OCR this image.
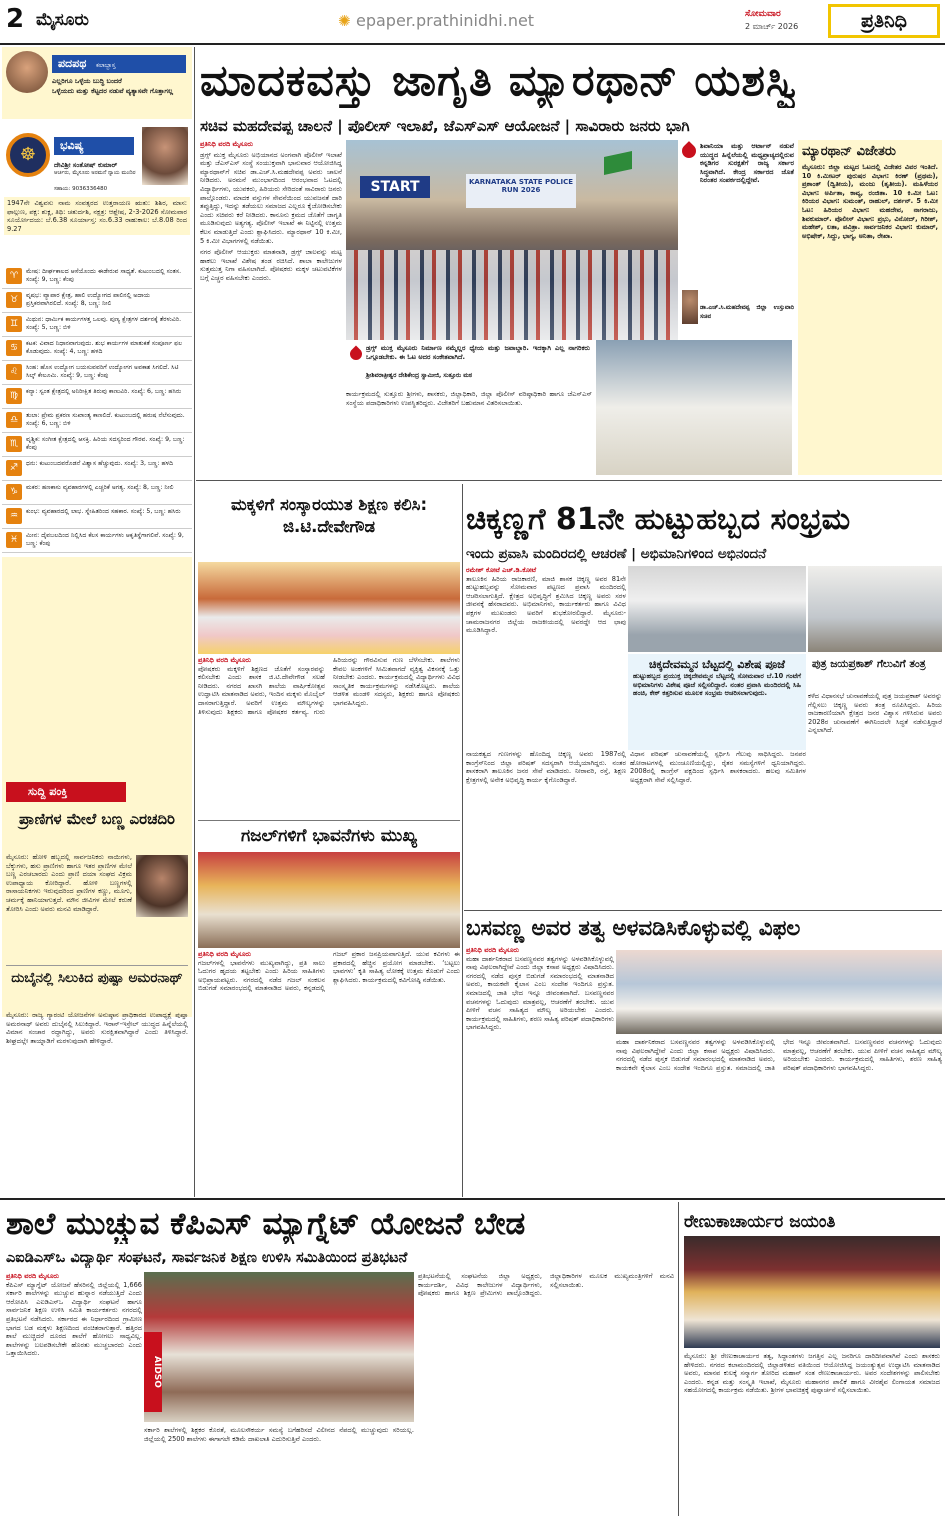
2 ಮೈಸೂರು	✺ epaper.prathinidhi.net	ಸೋಮವಾರ
2 ಮಾರ್ಚ್ 2026	ಪ್ರತಿನಿಧಿ
ಪದಪಥ ಕಲಾಬ್ಬಾಸ್ತ
ಎಲ್ಲರಿಗೂ ಒಳ್ಳೆಯ ಬುದ್ಧಿ ಬಂದರೆ
ಒಳ್ಳೆಯದು ಮತ್ತು ಕೆಟ್ಟದರ ನಡುವೆ ವ್ಯತ್ಯಾಸವೇ ಗೊತ್ತಾಗಲ್ಲ
☸	ಭವಿಷ್ಯ
ದೇವಿಶ್ರೀ ಸಂತೋಷ್ ಕುಮಾರ್
ಆರ್ಚರು, ಮೈಸೂರು ಅರಮನೆ ನ್ಯಾಯ ಮಂದಿರ
ಸಹಾಯ: 9036336480
1947ನೇ ವಿಶ್ವವಸು ನಾಮ ಸಂವತ್ಸರದ ಉತ್ತರಾಯಣ ಋತು: ಶಿಶಿರ, ಮಾಸ: ಫಾಲ್ಗುಣ, ಪಕ್ಷ: ಶುಕ್ಲ, ತಿಥಿ: ಚತುರ್ದಶಿ, ನಕ್ಷತ್ರ: ಆಶ್ಲೇಷ, 2-3-2026 ಸೋಮವಾರ ಸೂರ್ಯೋದಯ: ಬೆ.6.38 ಸೂರ್ಯಾಸ್ತ: ಸಂ.6.33 ರಾಹುಕಾಲ: ಬೆ.8.08 ರಿಂದ 9.27
♈	ಮೇಷ: ದೀರ್ಘಕಾಲದ ಆಸೆಯೊಂದು ಈಡೇರುವ ಸಾಧ್ಯತೆ. ಕುಟುಂಬದಲ್ಲಿ ಸಂತಸ. ಸಂಖ್ಯೆ: 9, ಬಣ್ಣ: ಕೆಂಪು
♉	ವೃಷಭ: ವ್ಯಾಪಾರ ಕ್ಷೇತ್ರ, ಹಾಲಿ ಉದ್ಯೋಗದ ಪಾಲಿನಲ್ಲಿ ಅದಾಯ ಪ್ರಸ್ತಿಕರವಾಗಿರಲಿದೆ. ಸಂಖ್ಯೆ: 8, ಬಣ್ಣ: ನೀಲಿ
♊	ಮಿಥುನ: ಧಾರ್ಮಿಕ ಕಾರ್ಯಗಳತ್ತ ಒಲವು. ಪುಣ್ಯ ಕ್ಷೇತ್ರಗಳ ದರ್ಶನಕ್ಕೆ ತೆರಳುವಿರಿ. ಸಂಖ್ಯೆ: 5, ಬಣ್ಣ: ಬಿಳಿ
♋	ಕಟಕ: ವಿವಾದ ನಿಧಾನವಾಗುವುದು. ಶುಭ ಕಾರ್ಯಗಳ ಮಾತುಕತೆ ಸಂಪೂರ್ಣ ಫಲ ಕೊಡುವುದು. ಸಂಖ್ಯೆ: 4, ಬಣ್ಣ: ಹಳದಿ
♌	ಸಿಂಹ: ಹೊಸ ಉದ್ಯೋಗ ಬಯಸುವವರಿಗೆ ಉದ್ಯೋಗಗ ಅವಕಾಶ ಸಿಗಲಿದೆ. ಸಿಟಿ ಸಿಲ್ಕ್ ಕೇಲೂಮಿ. ಸಂಖ್ಯೆ: 9, ಬಣ್ಣ: ಕೆಂಪು
♍	ಕನ್ಯಾ: ಸ್ವಂತ ಕ್ಷೇತ್ರದಲ್ಲಿ ಅನಿರೀಕ್ಷಿತ ತಿರುವು ಕಾಣುವಿರಿ. ಸಂಖ್ಯೆ: 6, ಬಣ್ಣ: ಹಸಿರು
♎	ತುಲಾ: ಪ್ರೇಮ ಪ್ರಕರಣ ಸುಖಾಂತ್ಯ ಕಾಣಲಿದೆ. ಕುಟುಂಬದಲ್ಲಿ ಹರುಷ ನೆಲೆಸುವುದು. ಸಂಖ್ಯೆ: 6, ಬಣ್ಣ: ಬಿಳಿ
♏	ವೃಶ್ಚಿಕ: ಸಂಗೀತ ಕ್ಷೇತ್ರದಲ್ಲಿ ಆಸಕ್ತಿ. ಹಿರಿಯ ಸದಸ್ಯರಿಂದ ಗೌರವ. ಸಂಖ್ಯೆ: 9, ಬಣ್ಣ: ಕೆಂಪು
♐	ಧನು: ಕುಟುಂಬದವರೊಡನೆ ವಿಶ್ವಾಸ ಹೆಚ್ಚುವುದು. ಸಂಖ್ಯೆ: 3, ಬಣ್ಣ: ಹಳದಿ
♑	ಮಕರ: ಹಣಕಾಸು ವ್ಯವಹಾರಗಳಲ್ಲಿ ಎಚ್ಚರಿಕೆ ಅಗತ್ಯ. ಸಂಖ್ಯೆ: 8, ಬಣ್ಣ: ನೀಲಿ
♒	ಕುಂಭ: ವ್ಯವಹಾರದಲ್ಲಿ ಲಾಭ. ಸ್ನೇಹಿತರಿಂದ ಸಹಕಾರ. ಸಂಖ್ಯೆ: 5, ಬಣ್ಣ: ಹಸಿರು
♓	ಮೀನ: ದೈವಬಲದಿಂದ ನಿಲ್ಲಿಸಿದ ಕೆಲಸ ಕಾರ್ಯಗಳು ಆಕೃತಿಸ್ಥೆಗಾಗಲಿವೆ. ಸಂಖ್ಯೆ: 9, ಬಣ್ಣ: ಕೆಂಪು
ಸುದ್ದಿ ಪಂಕ್ತಿ
ಪ್ರಾಣಿಗಳ ಮೇಲೆ ಬಣ್ಣ ಎರಚದಿರಿ
ಮೈಸೂರು: ಹೋಳಿ ಹಬ್ಬದಲ್ಲಿ ಸಾರ್ವಜನಿಕರು ನಾಯಿಗಳು, ಬೆಕ್ಕುಗಳು, ಹಸು ಪ್ರಾಣಿಗಳು ಹಾಗೂ ಇತರ ಪ್ರಾಣಿಗಳ ಮೇಲೆ ಬಣ್ಣ ಎರಚಬಾರದು ಎಂದು ಪ್ರಾಣಿ ದಯಾ ಸಂಘದ ವಿಕ್ರಮ ಉಪಾಧ್ಯಾಯ ಕೋರಿದ್ದಾರೆ. ಹೋಳಿ ಬಣ್ಣಗಳಲ್ಲಿ ರಾಸಾಯನಿಕಗಳು ಇರುವುದರಿಂದ ಪ್ರಾಣಿಗಳ ಕಣ್ಣು, ಮೂಗು, ಚರ್ಮಕ್ಕೆ ಹಾನಿಯಾಗುತ್ತದೆ. ಮೌನ ಜೀವಿಗಳ ಮೇಲೆ ಕರುಣೆ ತೋರಿಸಿ ಎಂದು ಅವರು ಮನವಿ ಮಾಡಿದ್ದಾರೆ.
ದುಬೈನಲ್ಲಿ ಸಿಲುಕಿದ ಪುಷ್ಪಾ ಅಮರನಾಥ್
ಮೈಸೂರು: ರಾಜ್ಯ ಗ್ಯಾರಂಟಿ ಯೋಜನೆಗಳ ಅನುಷ್ಠಾನ ಪ್ರಾಧಿಕಾರದ ಉಪಾಧ್ಯಕ್ಷೆ ಪುಷ್ಪಾ ಅಮರನಾಥ್ ಅವರು ದುಬೈನಲ್ಲಿ ಸಿಲುಕಿದ್ದಾರೆ. ಇರಾನ್-ಇಸ್ರೇಲ್ ಯುದ್ಧದ ಹಿನ್ನೆಲೆಯಲ್ಲಿ ವಿಮಾನ ಸಂಚಾರ ರದ್ದಾಗಿದ್ದು, ಅವರು ಸುರಕ್ಷಿತವಾಗಿದ್ದಾರೆ ಎಂದು ತಿಳಿಸಿದ್ದಾರೆ. ಶೀಘ್ರದಲ್ಲೇ ತಾಯ್ನಾಡಿಗೆ ಮರಳುವುದಾಗಿ ಹೇಳಿದ್ದಾರೆ.
ಮಾದಕವಸ್ತು ಜಾಗೃತಿ ಮ್ಯಾರಥಾನ್ ಯಶಸ್ವಿ
ಸಚಿವ ಮಹದೇವಪ್ಪ ಚಾಲನೆ | ಪೊಲೀಸ್ ಇಲಾಖೆ, ಜೆಎಸ್‌ಎಸ್ ಆಯೋಜನೆ | ಸಾವಿರಾರು ಜನರು ಭಾಗಿ
ಪ್ರತಿನಿಧಿ ವರದಿ ಮೈಸೂರು
ಡ್ರಗ್ಸ್ ಮುಕ್ತ ಮೈಸೂರು ಅಭಿಯಾನದ ಅಂಗವಾಗಿ ಪೊಲೀಸ್ ಇಲಾಖೆ ಮತ್ತು ಜೆಎಸ್‌ಎಸ್ ಸಂಸ್ಥೆ ಸಂಯುಕ್ತವಾಗಿ ಭಾನುವಾರ ಆಯೋಜಿಸಿದ್ದ ಮ್ಯಾರಥಾನ್‌ಗೆ ಸಚಿವ ಡಾ.ಎಚ್.ಸಿ.ಮಹದೇವಪ್ಪ ಅವರು ಚಾಲನೆ ನೀಡಿದರು. ಅರಮನೆ ಮುಂಭಾಗದಿಂದ ಆರಂಭವಾದ ಓಟದಲ್ಲಿ ವಿದ್ಯಾರ್ಥಿಗಳು, ಯುವಕರು, ಹಿರಿಯರು ಸೇರಿದಂತೆ ಸಾವಿರಾರು ಜನರು ಪಾಲ್ಗೊಂಡರು. ಮಾದಕ ವಸ್ತುಗಳ ಸೇವನೆಯಿಂದ ಯುವಜನತೆ ದಾರಿ ತಪ್ಪುತ್ತಿದ್ದು, ಇದನ್ನು ತಡೆಯಲು ಸಮಾಜದ ಎಲ್ಲರೂ ಕೈಜೋಡಿಸಬೇಕು ಎಂದು ಸಚಿವರು ಕರೆ ನೀಡಿದರು. ಕಾನೂನು ಕ್ರಮದ ಜೊತೆಗೆ ಜಾಗೃತಿ ಮೂಡಿಸುವುದು ಅತ್ಯಗತ್ಯ. ಪೊಲೀಸ್ ಇಲಾಖೆ ಈ ನಿಟ್ಟಿನಲ್ಲಿ ಉತ್ತಮ ಕೆಲಸ ಮಾಡುತ್ತಿದೆ ಎಂದು ಶ್ಲಾಘಿಸಿದರು. ಮ್ಯಾರಥಾನ್ 10 ಕಿ.ಮೀ, 5 ಕಿ.ಮೀ ವಿಭಾಗಗಳಲ್ಲಿ ನಡೆಯಿತು.
ನಗರ ಪೊಲೀಸ್ ಆಯುಕ್ತರು ಮಾತನಾಡಿ, ಡ್ರಗ್ಸ್ ಜಾಲವನ್ನು ಮಟ್ಟ ಹಾಕಲು ಇಲಾಖೆ ವಿಶೇಷ ತಂಡ ರಚಿಸಿದೆ. ಶಾಲಾ ಕಾಲೇಜುಗಳ ಸುತ್ತಮುತ್ತ ನಿಗಾ ವಹಿಸಲಾಗಿದೆ. ಪೋಷಕರು ಮಕ್ಕಳ ಚಟುವಟಿಕೆಗಳ ಬಗ್ಗೆ ಎಚ್ಚರ ವಹಿಸಬೇಕು ಎಂದರು.
START	KARNATAKA STATE POLICE RUN 2026
ಶಿವಾನಿಯಾ ಮತ್ತು ಆರ್ಟಾನ್ ನಡುವೆ ಯುದ್ಧದ ಹಿನ್ನೆಲೆಯಲ್ಲಿ ಮಧ್ಯಪ್ರಾಚ್ಯದಲ್ಲಿರುವ ಕನ್ನಡಿಗರ ಸುರಕ್ಷತೆಗೆ ರಾಜ್ಯ ಸರ್ಕಾರ ಸಿದ್ಧವಾಗಿದೆ. ಕೇಂದ್ರ ಸರ್ಕಾರದ ಜೊತೆ ನಿರಂತರ ಸಂಪರ್ಕದಲ್ಲಿದ್ದೇವೆ.
ಡಾ.ಎಚ್.ಸಿ.ಮಹದೇವಪ್ಪ ಜಿಲ್ಲಾ ಉಸ್ತುವಾರಿ ಸಚಿವ
ಡ್ರಗ್ಸ್ ಮುಕ್ತ ಮೈಸೂರು ನಿರ್ಮಾಣ ನಮ್ಮೆಲ್ಲರ ಧ್ಯೇಯ ಮತ್ತು ಜವಾಬ್ದಾರಿ. ಇದಕ್ಕಾಗಿ ಎಲ್ಲ ನಾಗರಿಕರು ಒಗ್ಗೂಡಬೇಕು. ಈ ಓಟ ಅದರ ಸಂಕೇತವಾಗಿದೆ.
ಶ್ರೀಶಿವರಾತ್ರೀಶ್ವರ ದೇಶಿಕೇಂದ್ರ ಸ್ವಾಮೀಜಿ, ಸುತ್ತೂರು ಮಠ
ಕಾರ್ಯಕ್ರಮದಲ್ಲಿ ಸುತ್ತೂರು ಶ್ರೀಗಳು, ಶಾಸಕರು, ಜಿಲ್ಲಾಧಿಕಾರಿ, ಜಿಲ್ಲಾ ಪೊಲೀಸ್ ವರಿಷ್ಠಾಧಿಕಾರಿ ಹಾಗೂ ಜೆಎಸ್‌ಎಸ್ ಸಂಸ್ಥೆಯ ಪದಾಧಿಕಾರಿಗಳು ಉಪಸ್ಥಿತರಿದ್ದರು. ವಿಜೇತರಿಗೆ ಬಹುಮಾನ ವಿತರಿಸಲಾಯಿತು.
ಮ್ಯಾರಥಾನ್ ವಿಜೇತರು
ಮೈಸೂರು: ಜಿಲ್ಲಾ ಮಟ್ಟದ ಓಟದಲ್ಲಿ ವಿಜೇತರ ವಿವರ ಇಂತಿದೆ. 10 ಕಿ.ಮೀಟರ್ ಪುರುಷರ ವಿಭಾಗ: ಕಿರಣ್ (ಪ್ರಥಮ), ಪ್ರಶಾಂತ್ (ದ್ವಿತೀಯ), ಮಂಜು (ತೃತೀಯ). ಮಹಿಳೆಯರ ವಿಭಾಗ: ಅರ್ಪಿತಾ, ಕಾವ್ಯ, ರಂಜಿತಾ. 10 ಕಿ.ಮೀ ಓಟ: ಕಿರಿಯರ ವಿಭಾಗ: ಸುಮಂತ್, ರಾಹುಲ್, ದರ್ಶನ್. 5 ಕಿ.ಮೀ ಓಟ: ಹಿರಿಯರ ವಿಭಾಗ: ಮಹದೇವ, ನಾಗರಾಜು, ಶಿವಕುಮಾರ್. ಪೊಲೀಸ್ ವಿಭಾಗ: ಪ್ರಭು, ವಿನೋದ್, ಗಿರೀಶ್, ಮಹೇಶ್, ಲತಾ, ಪವಿತ್ರಾ. ಸಾರ್ವಜನಿಕರ ವಿಭಾಗ: ಕುಮಾರ್, ಅಭಿಷೇಕ್, ಸಿದ್ದು, ಭಾಗ್ಯ, ಅನಿತಾ, ರೇಖಾ.
ಮಕ್ಕಳಿಗೆ ಸಂಸ್ಕಾರಯುತ ಶಿಕ್ಷಣ ಕಲಿಸಿ: ಜಿ.ಟಿ.ದೇವೇಗೌಡ
ಪ್ರತಿನಿಧಿ ವರದಿ ಮೈಸೂರು
ಪೋಷಕರು ಮಕ್ಕಳಿಗೆ ಶಿಕ್ಷಣದ ಜೊತೆಗೆ ಸಂಸ್ಕಾರವನ್ನು ಕಲಿಸಬೇಕು ಎಂದು ಶಾಸಕ ಜಿ.ಟಿ.ದೇವೇಗೌಡ ಸಲಹೆ ನೀಡಿದರು. ನಗರದ ಖಾಸಗಿ ಶಾಲೆಯ ವಾರ್ಷಿಕೋತ್ಸವ ಉದ್ಘಾಟಿಸಿ ಮಾತನಾಡಿದ ಅವರು, ಇಂದಿನ ಮಕ್ಕಳು ಮೊಬೈಲ್ ದಾಸರಾಗುತ್ತಿದ್ದಾರೆ. ಅವರಿಗೆ ಉತ್ತಮ ಮೌಲ್ಯಗಳನ್ನು ತಿಳಿಸುವುದು ಶಿಕ್ಷಕರು ಹಾಗೂ ಪೋಷಕರ ಕರ್ತವ್ಯ. ಗುರು ಹಿರಿಯರನ್ನು ಗೌರವಿಸುವ ಗುಣ ಬೆಳೆಸಬೇಕು. ಶಾಲೆಗಳು ಕೇವಲ ಅಂಕಗಳಿಗೆ ಸೀಮಿತವಾಗದೆ ವ್ಯಕ್ತಿತ್ವ ವಿಕಸನಕ್ಕೆ ಒತ್ತು ನೀಡಬೇಕು ಎಂದರು. ಕಾರ್ಯಕ್ರಮದಲ್ಲಿ ವಿದ್ಯಾರ್ಥಿಗಳು ವಿವಿಧ ಸಾಂಸ್ಕೃತಿಕ ಕಾರ್ಯಕ್ರಮಗಳನ್ನು ನಡೆಸಿಕೊಟ್ಟರು. ಶಾಲೆಯ ಆಡಳಿತ ಮಂಡಳಿ ಸದಸ್ಯರು, ಶಿಕ್ಷಕರು ಹಾಗೂ ಪೋಷಕರು ಭಾಗವಹಿಸಿದ್ದರು.
ಗಜಲ್‌ಗಳಿಗೆ ಭಾವನೆಗಳು ಮುಖ್ಯ
ಪ್ರತಿನಿಧಿ ವರದಿ ಮೈಸೂರು
ಗಜಲ್‌ಗಳಲ್ಲಿ ಭಾವನೆಗಳು ಮುಖ್ಯವಾಗಿದ್ದು, ಪ್ರತಿ ಸಾಲು ಓದುಗರ ಹೃದಯ ತಟ್ಟಬೇಕು ಎಂದು ಹಿರಿಯ ಸಾಹಿತಿಗಳು ಅಭಿಪ್ರಾಯಪಟ್ಟರು. ನಗರದಲ್ಲಿ ನಡೆದ ಗಜಲ್ ಸಂಕಲನ ಬಿಡುಗಡೆ ಸಮಾರಂಭದಲ್ಲಿ ಮಾತನಾಡಿದ ಅವರು, ಕನ್ನಡದಲ್ಲಿ ಗಜಲ್ ಪ್ರಕಾರ ಜನಪ್ರಿಯವಾಗುತ್ತಿದೆ. ಯುವ ಕವಿಗಳು ಈ ಪ್ರಕಾರದಲ್ಲಿ ಹೆಚ್ಚಿನ ಪ್ರಯೋಗ ಮಾಡಬೇಕು. ‘ಬಟ್ಟಲು ಭಾವಗಳು’ ಕೃತಿ ಸಾಹಿತ್ಯ ಲೋಕಕ್ಕೆ ಉತ್ತಮ ಕೊಡುಗೆ ಎಂದು ಶ್ಲಾಘಿಸಿದರು. ಕಾರ್ಯಕ್ರಮದಲ್ಲಿ ಕವಿಗೋಷ್ಠಿ ನಡೆಯಿತು.
ಚಿಕ್ಕಣ್ಣಗೆ 81ನೇ ಹುಟ್ಟುಹಬ್ಬದ ಸಂಭ್ರಮ
ಇಂದು ಪ್ರವಾಸಿ ಮಂದಿರದಲ್ಲಿ ಆಚರಣೆ | ಅಭಿಮಾನಿಗಳಿಂದ ಅಭಿನಂದನೆ
ರಮೇಶ್ ಕೋಟೆ ಎಚ್.ಡಿ.ಕೋಟೆ
ತಾಲೂಕಿನ ಹಿರಿಯ ರಾಜಕಾರಣಿ, ಮಾಜಿ ಶಾಸಕ ಚಿಕ್ಕಣ್ಣ ಅವರ 81ನೇ ಹುಟ್ಟುಹಬ್ಬವನ್ನು ಸೋಮವಾರ ಪಟ್ಟಣದ ಪ್ರವಾಸಿ ಮಂದಿರದಲ್ಲಿ ಆಚರಿಸಲಾಗುತ್ತಿದೆ. ಕ್ಷೇತ್ರದ ಅಭಿವೃದ್ಧಿಗೆ ಶ್ರಮಿಸಿದ ಚಿಕ್ಕಣ್ಣ ಅವರು ಸರಳ ಜೀವನಕ್ಕೆ ಹೆಸರಾದವರು. ಅಭಿಮಾನಿಗಳು, ಕಾರ್ಯಕರ್ತರು ಹಾಗೂ ವಿವಿಧ ಪಕ್ಷಗಳ ಮುಖಂಡರು ಅವರಿಗೆ ಶುಭಕೋರಲಿದ್ದಾರೆ. ಮೈಸೂರು-ಚಾಮರಾಜನಗರ ಜಿಲ್ಲೆಯ ರಾಜಕೀಯದಲ್ಲಿ ಅವರದ್ದೇ ಆದ ಛಾಪು ಮೂಡಿಸಿದ್ದಾರೆ.
ಚಿಕ್ಕದೇವಮ್ಮನ ಬೆಟ್ಟದಲ್ಲಿ ವಿಶೇಷ ಪೂಜೆ
ಹುಟ್ಟುಹಬ್ಬದ ಪ್ರಯುಕ್ತ ಚಿಕ್ಕದೇವಮ್ಮನ ಬೆಟ್ಟದಲ್ಲಿ ಸೋಮವಾರ ಬೆ.10 ಗಂಟೆಗೆ ಅಭಿಮಾನಿಗಳು ವಿಶೇಷ ಪೂಜೆ ಸಲ್ಲಿಸಲಿದ್ದಾರೆ. ನಂತರ ಪ್ರವಾಸಿ ಮಂದಿರದಲ್ಲಿ ಸಿಹಿ ಹಂಚಿ, ಕೇಕ್ ಕತ್ತರಿಸುವ ಮೂಲಕ ಸಂಭ್ರಮ ಆಚರಿಸಲಾಗುವುದು.
ಪುತ್ರ ಜಯಪ್ರಕಾಶ್ ಗೆಲುವಿಗೆ ತಂತ್ರ
ನಾಯಕತ್ವದ ಗುಣಗಳನ್ನು ಹೊಂದಿದ್ದ ಚಿಕ್ಕಣ್ಣ ಅವರು 1987ರಲ್ಲಿ ಕಾಂಗ್ರೆಸ್‌ನಿಂದ ಜಿಲ್ಲಾ ಪರಿಷತ್ ಸದಸ್ಯರಾಗಿ ಆಯ್ಕೆಯಾಗಿದ್ದರು. ನಂತರ ಶಾಸಕರಾಗಿ ತಾಲೂಕಿನ ಜನರ ಸೇವೆ ಮಾಡಿದರು. ನೀರಾವರಿ, ರಸ್ತೆ, ಶಿಕ್ಷಣ ಕ್ಷೇತ್ರಗಳಲ್ಲಿ ಅನೇಕ ಅಭಿವೃದ್ಧಿ ಕಾರ್ಯ ಕೈಗೊಂಡಿದ್ದಾರೆ.
ವಿಧಾನ ಪರಿಷತ್ ಚುನಾವಣೆಯಲ್ಲಿ ಸ್ಪರ್ಧಿಸಿ ಗೆಲುವು ಸಾಧಿಸಿದ್ದರು. ಜನಪರ ಹೋರಾಟಗಳಲ್ಲಿ ಮುಂಚೂಣಿಯಲ್ಲಿದ್ದು, ರೈತರ ಸಮಸ್ಯೆಗಳಿಗೆ ಧ್ವನಿಯಾಗಿದ್ದರು. 2008ರಲ್ಲಿ ಕಾಂಗ್ರೆಸ್ ಪಕ್ಷದಿಂದ ಸ್ಪರ್ಧಿಸಿ ಶಾಸಕರಾದರು. ಹಲವು ಸಮಿತಿಗಳ ಅಧ್ಯಕ್ಷರಾಗಿ ಸೇವೆ ಸಲ್ಲಿಸಿದ್ದಾರೆ.
ಕಳೆದ ವಿಧಾನಸಭೆ ಚುನಾವಣೆಯಲ್ಲಿ ಪುತ್ರ ಜಯಪ್ರಕಾಶ್ ಅವರನ್ನು ಗೆಲ್ಲಿಸಲು ಚಿಕ್ಕಣ್ಣ ಅವರು ತಂತ್ರ ರೂಪಿಸಿದ್ದರು. ಹಿರಿಯ ರಾಜಕಾರಣಿಯಾಗಿ ಕ್ಷೇತ್ರದ ಜನರ ವಿಶ್ವಾಸ ಗಳಿಸಿರುವ ಅವರು 2028ರ ಚುನಾವಣೆಗೆ ಈಗಿನಿಂದಲೇ ಸಿದ್ಧತೆ ನಡೆಸುತ್ತಿದ್ದಾರೆ ಎನ್ನಲಾಗಿದೆ.
ಬಸವಣ್ಣ ಅವರ ತತ್ವ ಅಳವಡಿಸಿಕೊಳ್ಳುವಲ್ಲಿ ವಿಫಲ
ಪ್ರತಿನಿಧಿ ವರದಿ ಮೈಸೂರು
ಮಹಾ ದಾರ್ಶನಿಕರಾದ ಬಸವಣ್ಣನವರ ತತ್ವಗಳನ್ನು ಅಳವಡಿಸಿಕೊಳ್ಳುವಲ್ಲಿ ನಾವು ವಿಫಲರಾಗಿದ್ದೇವೆ ಎಂದು ಜಿಲ್ಲಾ ಕಸಾಪ ಅಧ್ಯಕ್ಷರು ವಿಷಾದಿಸಿದರು. ನಗರದಲ್ಲಿ ನಡೆದ ಪುಸ್ತಕ ಬಿಡುಗಡೆ ಸಮಾರಂಭದಲ್ಲಿ ಮಾತನಾಡಿದ ಅವರು, ಕಾಯಕವೇ ಕೈಲಾಸ ಎಂಬ ಸಂದೇಶ ಇಂದಿಗೂ ಪ್ರಸ್ತುತ. ಸಮಾಜದಲ್ಲಿ ಜಾತಿ ಭೇದ ಇನ್ನೂ ಜೀವಂತವಾಗಿದೆ. ಬಸವಣ್ಣನವರ ವಚನಗಳನ್ನು ಓದುವುದು ಮಾತ್ರವಲ್ಲ, ಆಚರಣೆಗೆ ತರಬೇಕು. ಯುವ ಪೀಳಿಗೆ ವಚನ ಸಾಹಿತ್ಯದ ಮೌಲ್ಯ ಅರಿಯಬೇಕು ಎಂದರು. ಕಾರ್ಯಕ್ರಮದಲ್ಲಿ ಸಾಹಿತಿಗಳು, ಶರಣ ಸಾಹಿತ್ಯ ಪರಿಷತ್ ಪದಾಧಿಕಾರಿಗಳು ಭಾಗವಹಿಸಿದ್ದರು.
ಮಹಾ ದಾರ್ಶನಿಕರಾದ ಬಸವಣ್ಣನವರ ತತ್ವಗಳನ್ನು ಅಳವಡಿಸಿಕೊಳ್ಳುವಲ್ಲಿ ನಾವು ವಿಫಲರಾಗಿದ್ದೇವೆ ಎಂದು ಜಿಲ್ಲಾ ಕಸಾಪ ಅಧ್ಯಕ್ಷರು ವಿಷಾದಿಸಿದರು. ನಗರದಲ್ಲಿ ನಡೆದ ಪುಸ್ತಕ ಬಿಡುಗಡೆ ಸಮಾರಂಭದಲ್ಲಿ ಮಾತನಾಡಿದ ಅವರು, ಕಾಯಕವೇ ಕೈಲಾಸ ಎಂಬ ಸಂದೇಶ ಇಂದಿಗೂ ಪ್ರಸ್ತುತ. ಸಮಾಜದಲ್ಲಿ ಜಾತಿ ಭೇದ ಇನ್ನೂ ಜೀವಂತವಾಗಿದೆ. ಬಸವಣ್ಣನವರ ವಚನಗಳನ್ನು ಓದುವುದು ಮಾತ್ರವಲ್ಲ, ಆಚರಣೆಗೆ ತರಬೇಕು. ಯುವ ಪೀಳಿಗೆ ವಚನ ಸಾಹಿತ್ಯದ ಮೌಲ್ಯ ಅರಿಯಬೇಕು ಎಂದರು. ಕಾರ್ಯಕ್ರಮದಲ್ಲಿ ಸಾಹಿತಿಗಳು, ಶರಣ ಸಾಹಿತ್ಯ ಪರಿಷತ್ ಪದಾಧಿಕಾರಿಗಳು ಭಾಗವಹಿಸಿದ್ದರು.
ಶಾಲೆ ಮುಚ್ಚುವ ಕೆಪಿಎಸ್ ಮ್ಯಾಗ್ನೆಟ್ ಯೋಜನೆ ಬೇಡ
ಎಐಡಿಎಸ್‌ಒ ವಿದ್ಯಾರ್ಥಿ ಸಂಘಟನೆ, ಸಾರ್ವಜನಿಕ ಶಿಕ್ಷಣ ಉಳಿಸಿ ಸಮಿತಿಯಿಂದ ಪ್ರತಿಭಟನೆ
ಪ್ರತಿನಿಧಿ ವರದಿ ಮೈಸೂರು
ಕೆಪಿಎಸ್ ಮ್ಯಾಗ್ನೆಟ್ ಯೋಜನೆ ಹೆಸರಿನಲ್ಲಿ ಜಿಲ್ಲೆಯಲ್ಲಿ 1,666 ಸರ್ಕಾರಿ ಶಾಲೆಗಳನ್ನು ಮುಚ್ಚುವ ಹುನ್ನಾರ ನಡೆಯುತ್ತಿದೆ ಎಂದು ಆರೋಪಿಸಿ ಎಐಡಿಎಸ್‌ಒ ವಿದ್ಯಾರ್ಥಿ ಸಂಘಟನೆ ಹಾಗೂ ಸಾರ್ವಜನಿಕ ಶಿಕ್ಷಣ ಉಳಿಸಿ ಸಮಿತಿ ಕಾರ್ಯಕರ್ತರು ನಗರದಲ್ಲಿ ಪ್ರತಿಭಟನೆ ನಡೆಸಿದರು. ಸರ್ಕಾರದ ಈ ನಿರ್ಧಾರದಿಂದ ಗ್ರಾಮೀಣ ಭಾಗದ ಬಡ ಮಕ್ಕಳು ಶಿಕ್ಷಣದಿಂದ ವಂಚಿತರಾಗುತ್ತಾರೆ. ಹತ್ತಿರದ ಶಾಲೆ ಮುಚ್ಚಿದರೆ ದೂರದ ಶಾಲೆಗೆ ಹೋಗಲು ಸಾಧ್ಯವಿಲ್ಲ. ಶಾಲೆಗಳನ್ನು ಬಲಪಡಿಸಬೇಕೇ ಹೊರತು ಮುಚ್ಚಬಾರದು ಎಂದು ಒತ್ತಾಯಿಸಿದರು.
AIDSO
ಸರ್ಕಾರಿ ಶಾಲೆಗಳಲ್ಲಿ ಶಿಕ್ಷಕರ ಕೊರತೆ, ಮೂಲಸೌಕರ್ಯ ಸಮಸ್ಯೆ ಬಗೆಹರಿಸದೆ ವಿಲೀನದ ನೆಪದಲ್ಲಿ ಮುಚ್ಚುವುದು ಸರಿಯಲ್ಲ. ಜಿಲ್ಲೆಯಲ್ಲಿ 2500 ಶಾಲೆಗಳು ಈಗಾಗಲೇ ಕಡಿಮೆ ದಾಖಲಾತಿ ಎದುರಿಸುತ್ತಿವೆ ಎಂದರು.
ಪ್ರತಿಭಟನೆಯಲ್ಲಿ ಸಂಘಟನೆಯ ಜಿಲ್ಲಾ ಅಧ್ಯಕ್ಷರು, ಕಾರ್ಯದರ್ಶಿ, ವಿವಿಧ ಕಾಲೇಜುಗಳ ವಿದ್ಯಾರ್ಥಿಗಳು, ಪೋಷಕರು ಹಾಗೂ ಶಿಕ್ಷಣ ಪ್ರೇಮಿಗಳು ಪಾಲ್ಗೊಂಡಿದ್ದರು. ಜಿಲ್ಲಾಧಿಕಾರಿಗಳ ಮೂಲಕ ಮುಖ್ಯಮಂತ್ರಿಗಳಿಗೆ ಮನವಿ ಸಲ್ಲಿಸಲಾಯಿತು.
ರೇಣುಕಾಚಾರ್ಯರ ಜಯಂತಿ
ಮೈಸೂರು: ಶ್ರೀ ರೇಣುಕಾಚಾರ್ಯರ ತತ್ವ, ಸಿದ್ಧಾಂತಗಳು ಜಗತ್ತಿನ ಎಲ್ಲ ಜನರಿಗೂ ದಾರಿದೀಪವಾಗಿವೆ ಎಂದು ಶಾಸಕರು ಹೇಳಿದರು. ನಗರದ ಕಲಾಮಂದಿರದಲ್ಲಿ ಜಿಲ್ಲಾಡಳಿತದ ವತಿಯಿಂದ ಆಯೋಜಿಸಿದ್ದ ಜಯಂತ್ಯುತ್ಸವ ಉದ್ಘಾಟಿಸಿ ಮಾತನಾಡಿದ ಅವರು, ಮಾನವ ಕುಲಕ್ಕೆ ಸನ್ಮಾರ್ಗ ತೋರಿದ ಮಹಾನ್ ಸಂತ ರೇಣುಕಾಚಾರ್ಯರು. ಅವರ ಸಂದೇಶಗಳನ್ನು ಪಾಲಿಸಬೇಕು ಎಂದರು. ಕನ್ನಡ ಮತ್ತು ಸಂಸ್ಕೃತಿ ಇಲಾಖೆ, ಮೈಸೂರು ಮಹಾನಗರ ಪಾಲಿಕೆ ಹಾಗೂ ವೀರಶೈವ ಲಿಂಗಾಯತ ಸಮಾಜದ ಸಹಯೋಗದಲ್ಲಿ ಕಾರ್ಯಕ್ರಮ ನಡೆಯಿತು. ಶ್ರೀಗಳ ಭಾವಚಿತ್ರಕ್ಕೆ ಪುಷ್ಪಾರ್ಚನೆ ಸಲ್ಲಿಸಲಾಯಿತು.
